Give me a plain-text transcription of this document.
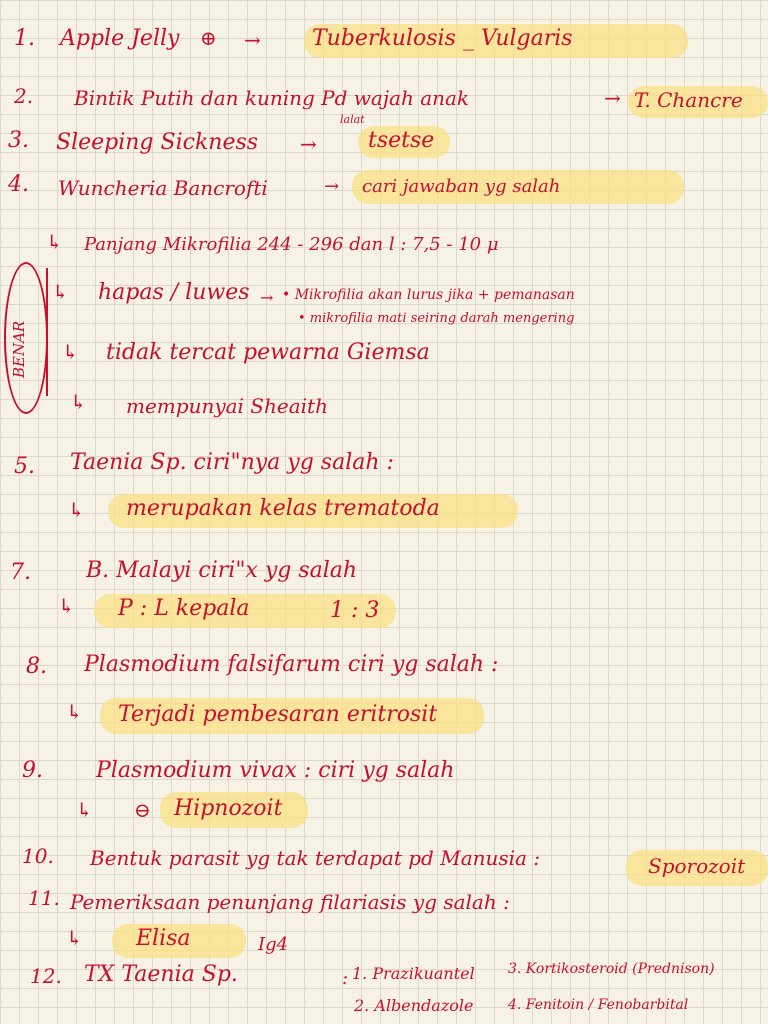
1. Apple Jelly ⊕ → Tuberkulosis _ Vulgaris
2. Bintik Putih dan kuning Pd wajah anak	→ T. Chancre
3. Sleeping Sickness →
lalat
tsetse
4. Wuncheria Bancrofti	→ cari jawaban yg salah
BENAR
↳ Panjang Mikrofilia 244 - 296 dan l : 7,5 - 10 μ
↳ hapas / luwes → • Mikrofilia akan lurus jika + pemanasan
• mikrofilia mati seiring darah mengering
↳ tidak tercat pewarna Giemsa
↳ mempunyai Sheaith
5. Taenia Sp. ciri"nya yg salah :
↳ merupakan kelas trematoda
7.	B. Malayi ciri"x yg salah
↳ P : L kepala	1 : 3
8. Plasmodium falsifarum ciri yg salah :
↳ Terjadi pembesaran eritrosit
9. Plasmodium vivax : ciri yg salah
↳ ⊖ Hipnozoit
10. Bentuk parasit yg tak terdapat pd Manusia :	Sporozoit
11. Pemeriksaan penunjang filariasis yg salah :
↳ Elisa	Ig4
12. TX Taenia Sp.	: 1. Prazikuantel
2. Albendazole
3. Kortikosteroid (Prednison)
4. Fenitoin / Fenobarbital
